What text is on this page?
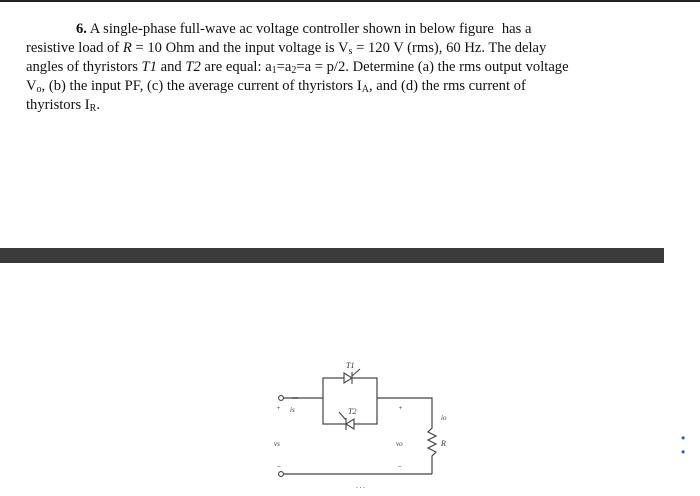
6. A single-phase full-wave ac voltage controller shown in below figure has a

resistive load of R = 10 Ohm and the input voltage is $V_s = 120$ V (rms), 60 Hz. The delay

angles of thyristors T1 and T2 are equal: $a_1=a_2=a = p/2$. Determine (a) the rms output voltage

$V_o$, (b) the input PF, (c) the average current of thyristors $I_A$, and (d) the rms current of

thyristors $I_R$.

T1
T2
is
io
vs	vo	R
+
–
+
–
· · ·
• •
